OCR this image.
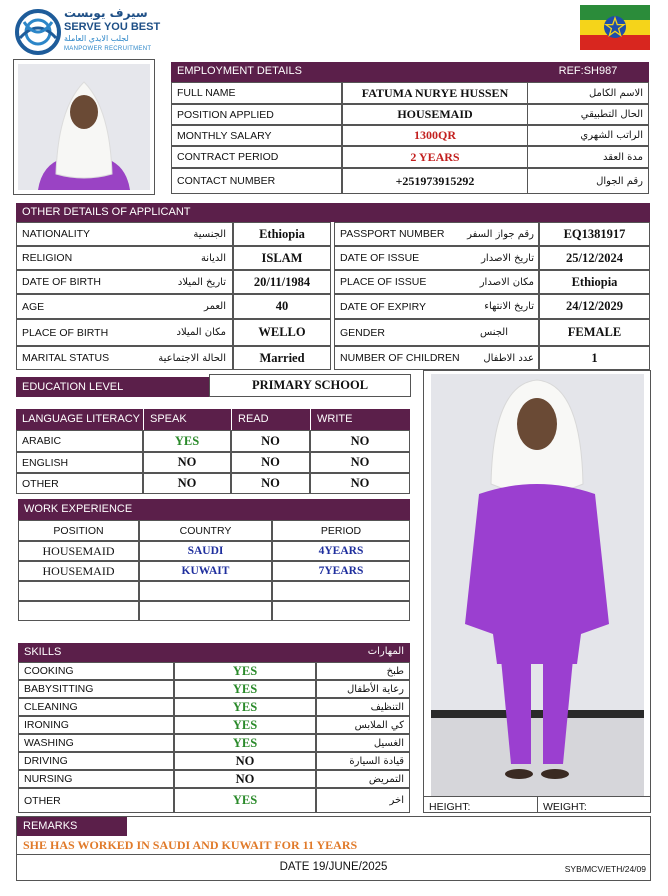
سيرف يوبست
SERVE YOU BEST
لجلب الايدي العاملة
MANPOWER RECRUITMENT
EMPLOYMENT DETAILS	REF:SH987
FULL NAME	FATUMA NURYE HUSSEN	الاسم الكامل
POSITION APPLIED	HOUSEMAID	الحال التطبيقي
MONTHLY SALARY	1300QR	الراتب الشهري
CONTRACT PERIOD	2 YEARS	مدة العقد
CONTACT NUMBER	+251973915292	رقم الجوال
OTHER DETAILS OF APPLICANT
NATIONALITY	الجنسية	Ethiopia
RELIGION	الديانة	ISLAM
DATE OF BIRTH	تاريخ الميلاد	20/11/1984
AGE	العمر	40
PLACE OF BIRTH	مكان الميلاد	WELLO
MARITAL STATUS	الحالة الاجتماعية	Married
PASSPORT NUMBER رقم جواز السفر	EQ1381917
DATE OF ISSUE	تاريخ الاصدار	25/12/2024
PLACE OF ISSUE	مكان الاصدار	Ethiopia
DATE OF EXPIRY	تاريخ الانتهاء	24/12/2029
GENDER	الجنس	FEMALE
NUMBER OF CHILDREN عدد الاطفال	1
EDUCATION LEVEL	PRIMARY SCHOOL
HEIGHT:	WEIGHT:
LANGUAGE LITERACY SPEAK	READ	WRITE
ARABIC	YES	NO	NO
ENGLISH	NO	NO	NO
OTHER	NO	NO	NO
WORK EXPERIENCE
POSITION	COUNTRY	PERIOD
HOUSEMAID	SAUDI	4YEARS
HOUSEMAID	KUWAIT	7YEARS
SKILLS	المهارات
COOKING	YES	طبخ
BABYSITTING	YES	رعاية الأطفال
CLEANING	YES	التنظيف
IRONING	YES	كي الملابس
WASHING	YES	الغسيل
DRIVING	NO	قيادة السيارة
NURSING	NO	التمريض
OTHER	YES	اخر
REMARKS
SHE HAS WORKED IN SAUDI AND KUWAIT FOR 11 YEARS
DATE 19/JUNE/2025	SYB/MCV/ETH/24/09
